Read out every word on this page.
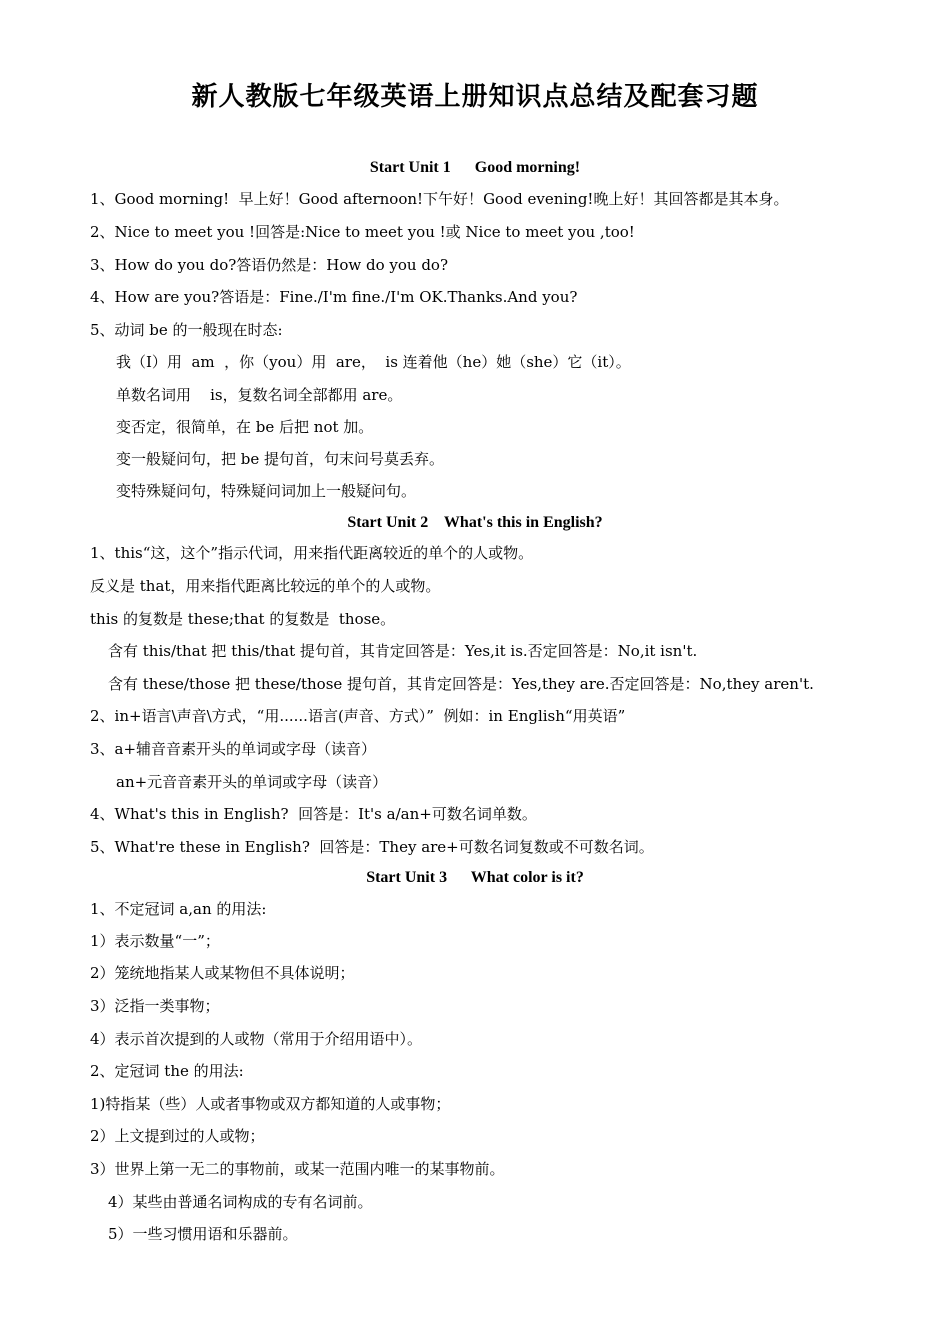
新人教版七年级英语上册知识点总结及配套习题
Start Unit 1      Good morning!
1、Good morning!  早上好！Good afternoon!下午好！Good evening!晚上好！其回答都是其本身。
2、Nice to meet you !回答是:Nice to meet you !或 Nice to meet you ,too!
3、How do you do?答语仍然是：How do you do?
4、How are you?答语是：Fine./I'm fine./I'm OK.Thanks.And you?
5、动词 be 的一般现在时态:
我（I）用  am  ，你（you）用  are，  is 连着他（he）她（she）它（it）。
单数名词用    is，复数名词全部都用 are。
变否定，很简单，在 be 后把 not 加。
变一般疑问句，把 be 提句首，句末问号莫丢弃。
变特殊疑问句，特殊疑问词加上一般疑问句。
Start Unit 2    What's this in English?
1、this“这，这个”指示代词，用来指代距离较近的单个的人或物。
反义是 that，用来指代距离比较远的单个的人或物。
this 的复数是 these;that 的复数是  those。
含有 this/that 把 this/that 提句首，其肯定回答是：Yes,it is.否定回答是：No,it isn't.
含有 these/those 把 these/those 提句首，其肯定回答是：Yes,they are.否定回答是：No,they aren't.
2、in+语言\声音\方式，“用......语言(声音、方式）”  例如：in English“用英语”
3、a+辅音音素开头的单词或字母（读音）
an+元音音素开头的单词或字母（读音）
4、What's this in English?  回答是：It's a/an+可数名词单数。
5、What're these in English?  回答是：They are+可数名词复数或不可数名词。
Start Unit 3      What color is it?
1、不定冠词 a,an 的用法:
1）表示数量“一”；
2）笼统地指某人或某物但不具体说明；
3）泛指一类事物；
4）表示首次提到的人或物（常用于介绍用语中）。
2、定冠词 the 的用法:
1)特指某（些）人或者事物或双方都知道的人或事物；
2）上文提到过的人或物；
3）世界上第一无二的事物前，或某一范围内唯一的某事物前。
4）某些由普通名词构成的专有名词前。
5）一些习惯用语和乐器前。
